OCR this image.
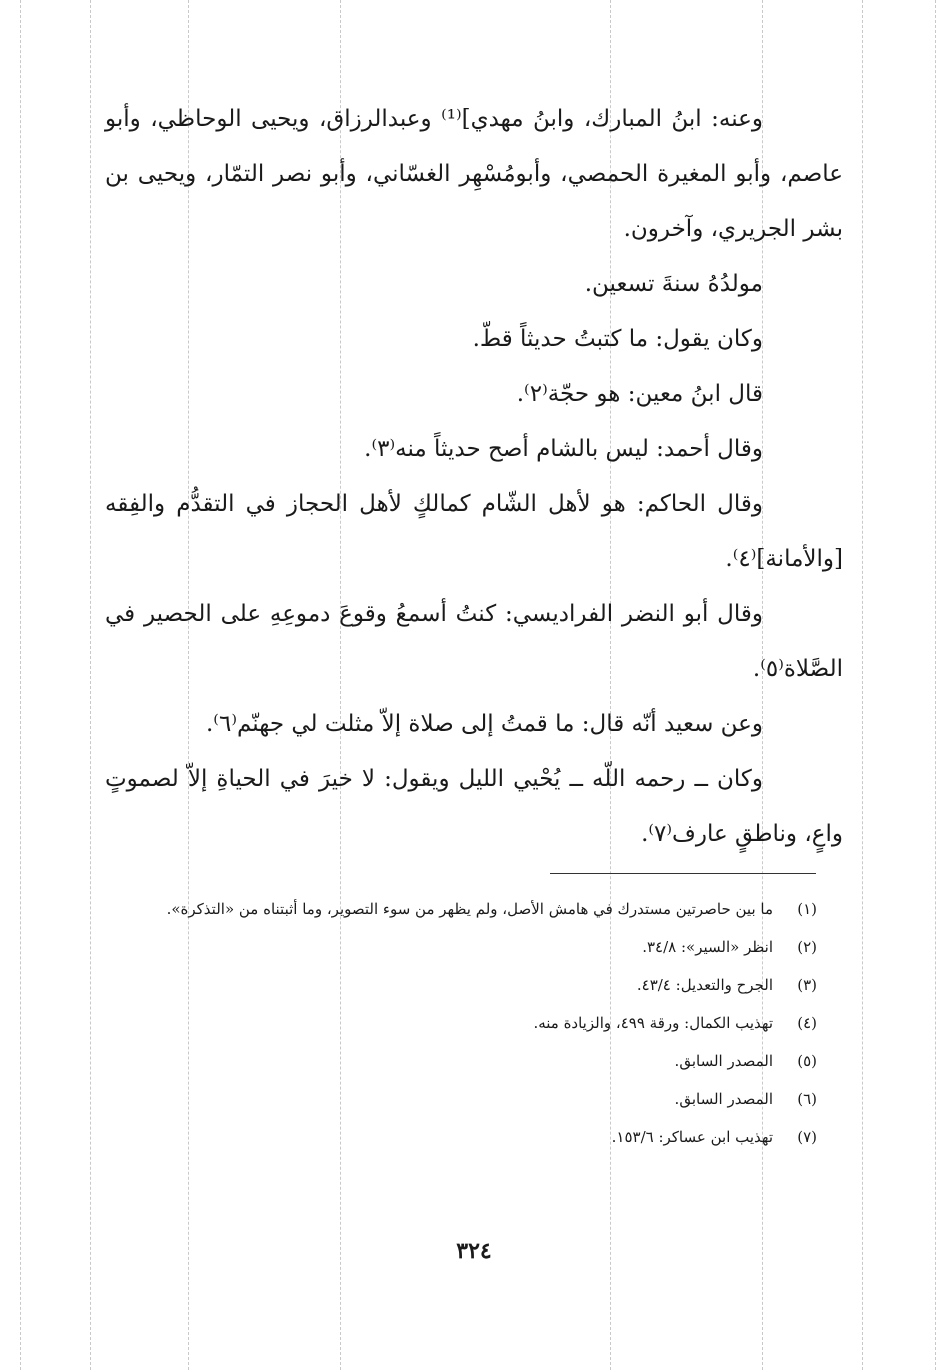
وعنه: ابنُ المبارك، وابنُ مهدي]⁽¹⁾ وعبدالرزاق، ويحيى الوحاظي، وأبو عاصم، وأبو المغيرة الحمصي، وأبومُسْهِر الغسّاني، وأبو نصر التمّار، ويحيى بن بشر الجريري، وآخرون.

مولدُهُ سنةَ تسعين.

وكان يقول: ما كتبتُ حديثاً قطّ.

قال ابنُ معين: هو حجّة⁽٢⁾.

وقال أحمد: ليس بالشام أصح حديثاً منه⁽٣⁾.

وقال الحاكم: هو لأهل الشّام كمالكٍ لأهل الحجاز في التقدُّم والفِقه [والأمانة]⁽٤⁾.

وقال أبو النضر الفراديسي: كنتُ أسمعُ وقوعَ دموعِهِ على الحصير في الصَّلاة⁽٥⁾.

وعن سعيد أنّه قال: ما قمتُ إلى صلاة إلاّ مثلت لي جهنّم⁽٦⁾.

وكان ــ رحمه اللّه ــ يُحْيي الليل ويقول: لا خيرَ في الحياةِ إلاّ لصموتٍ واعٍ، وناطقٍ عارف⁽٧⁾.

(١)
ما بين حاصرتين مستدرك في هامش الأصل، ولم يظهر من سوء التصوير، وما أثبتناه من «التذكرة».
(٢)
انظر «السير»: ٣٤/٨.
(٣)
الجرح والتعديل: ٤٣/٤.
(٤)
تهذيب الكمال: ورقة ٤٩٩، والزيادة منه.
(٥)
المصدر السابق.
(٦)
المصدر السابق.
(٧)
تهذيب ابن عساكر: ١٥٣/٦.
٣٢٤
